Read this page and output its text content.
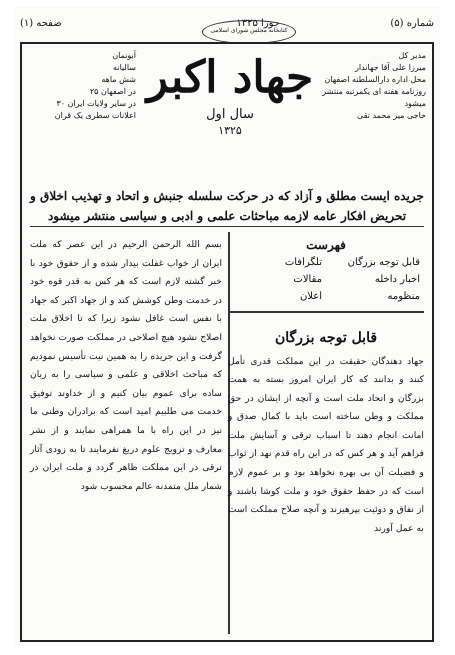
شماره (۵)
جوزا ۱۳۲۵
صفحه (۱)
کتابخانه مجلس شورای اسلامی
مدیر کل
میرزا علی آقا جهاندار
محل اداره دارالسلطنه اصفهان
روزنامه هفته ای یکمرتبه منتشر میشود
حاجی میر محمد تقی
جهاد اکبر
سال اول
۱۳۲۵
آبونمان
سالیانه
شش ماهه
در اصفهان ۲۵
در سایر ولایات ایران ۳۰
اعلانات سطری یک قران
جریده ایست مطلق و آزاد که در حرکت سلسله جنبش و اتحاد و تهذیب اخلاق و تحریض افکار عامه لازمه مباحثات علمی و ادبی و سیاسی منتشر میشود
بسم الله الرحمن الرحیم در این عصر که ملت ایران از خواب غفلت بیدار شده و از حقوق خود با خبر گشته لازم است که هر کس به قدر قوه خود در خدمت وطن کوشش کند و از جهاد اکبر که جهاد با نفس است غافل نشود زیرا که تا اخلاق ملت اصلاح نشود هیچ اصلاحی در مملکت صورت نخواهد گرفت و این جریده را به همین نیت تأسیس نمودیم که مباحث اخلاقی و علمی و سیاسی را به زبان ساده برای عموم بیان کنیم و از خداوند توفیق خدمت می طلبیم امید است که برادران وطنی ما نیز در این راه با ما همراهی نمایند و از نشر معارف و ترویج علوم دریغ نفرمایند تا به زودی آثار ترقی در این مملکت ظاهر گردد و ملت ایران در شمار ملل متمدنه عالم محسوب شود
فهرست
قابل توجه بزرگان
تلگرافات
اخبار داخله
مقالات
منظومه
اعلان
قابل توجه بزرگان
جهاد دهندگان حقیقت در این مملکت قدری تأمل کنند و بدانند که کار ایران امروز بسته به همت بزرگان و اتحاد ملت است و آنچه از ایشان در حق مملکت و وطن ساخته است باید با کمال صدق و امانت انجام دهند تا اسباب ترقی و آسایش ملت فراهم آید و هر کس که در این راه قدم نهد از ثواب و فضیلت آن بی بهره نخواهد بود و بر عموم لازم است که در حفظ حقوق خود و ملت کوشا باشند و از نفاق و دوئیت بپرهیزند و آنچه صلاح مملکت است به عمل آورند
